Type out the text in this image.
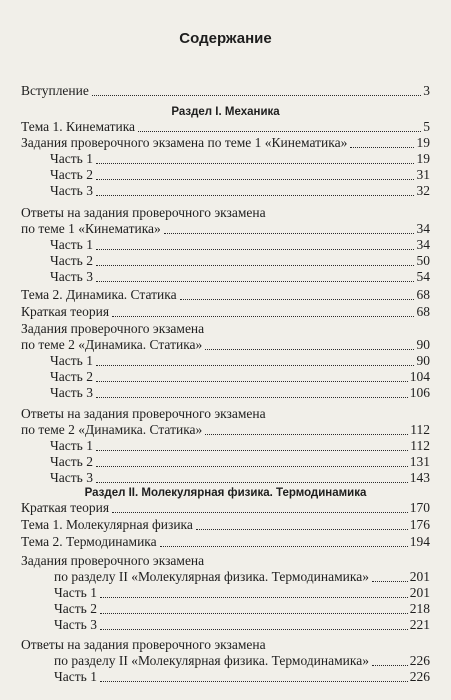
Содержание
Вступление	3
Тема 1. Кинематика	5
Задания проверочного экзамена по теме 1 «Кинематика»	19
Часть 1	19
Часть 2	31
Часть 3	32
Ответы на задания проверочного экзамена
по теме 1 «Кинематика»	34
Часть 1	34
Часть 2	50
Часть 3	54
Тема 2. Динамика. Статика	68
Краткая теория	68
Задания проверочного экзамена
по теме 2 «Динамика. Статика»	90
Часть 1	90
Часть 2	104
Часть 3	106
Ответы на задания проверочного экзамена
по теме 2 «Динамика. Статика»	112
Часть 1	112
Часть 2	131
Часть 3	143
Краткая теория	170
Тема 1. Молекулярная физика	176
Тема 2. Термодинамика	194
Задания проверочного экзамена
по разделу II «Молекулярная физика. Термодинамика»	201
Часть 1	201
Часть 2	218
Часть 3	221
Ответы на задания проверочного экзамена
по разделу II «Молекулярная физика. Термодинамика»	226
Часть 1	226
Раздел I. Механика
Раздел II. Молекулярная физика. Термодинамика
